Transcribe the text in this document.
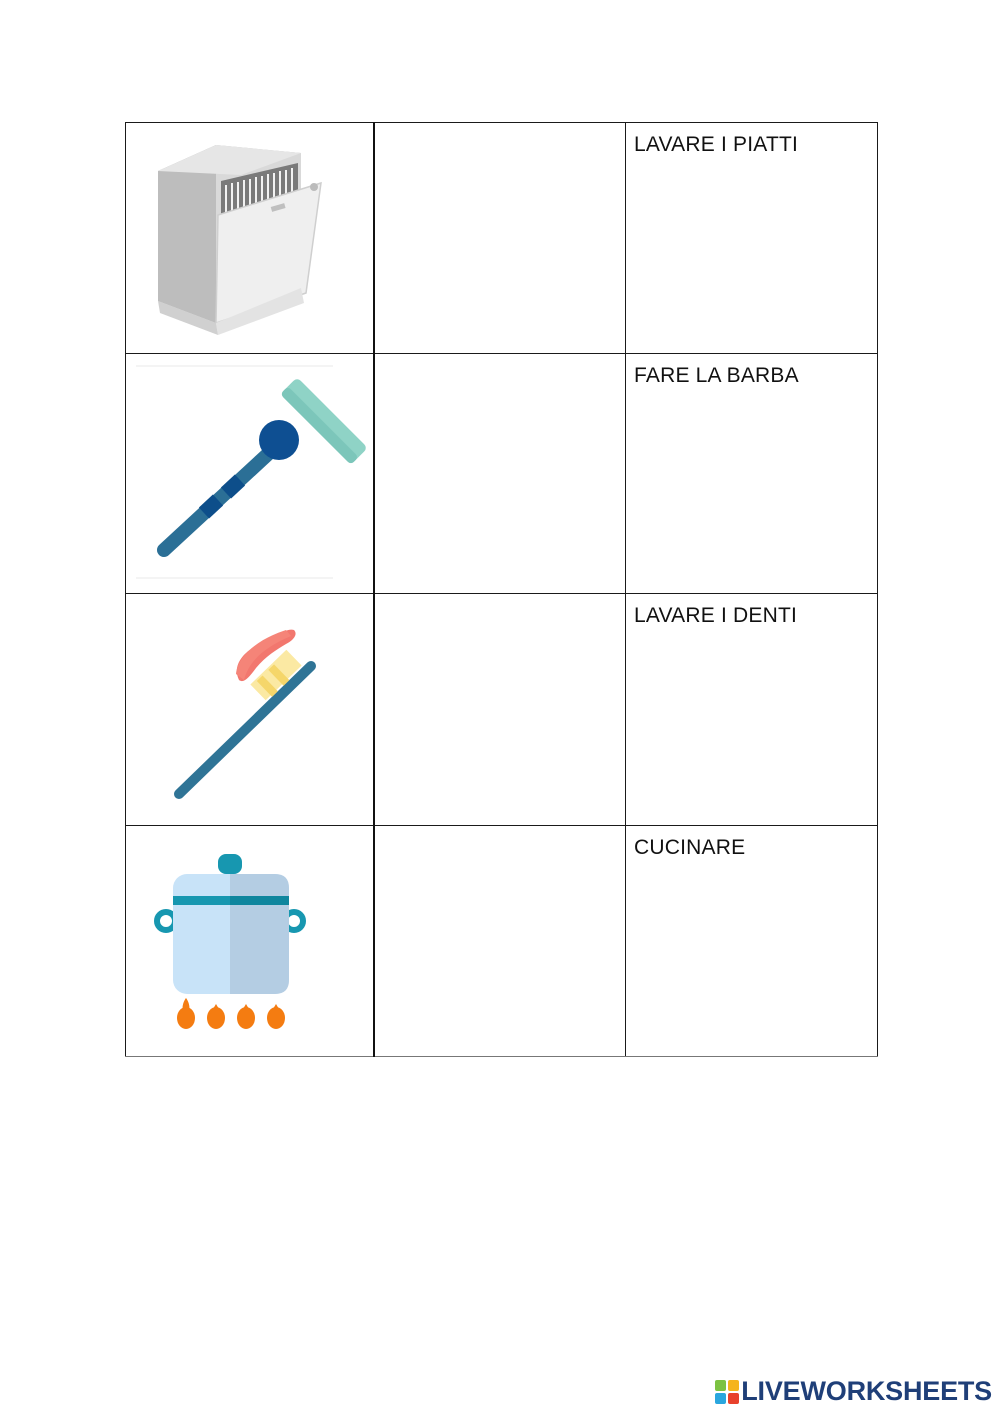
LAVARE I PIATTI

FARE LA BARBA

LAVARE I DENTI

CUCINARE
LIVEWORKSHEETS
